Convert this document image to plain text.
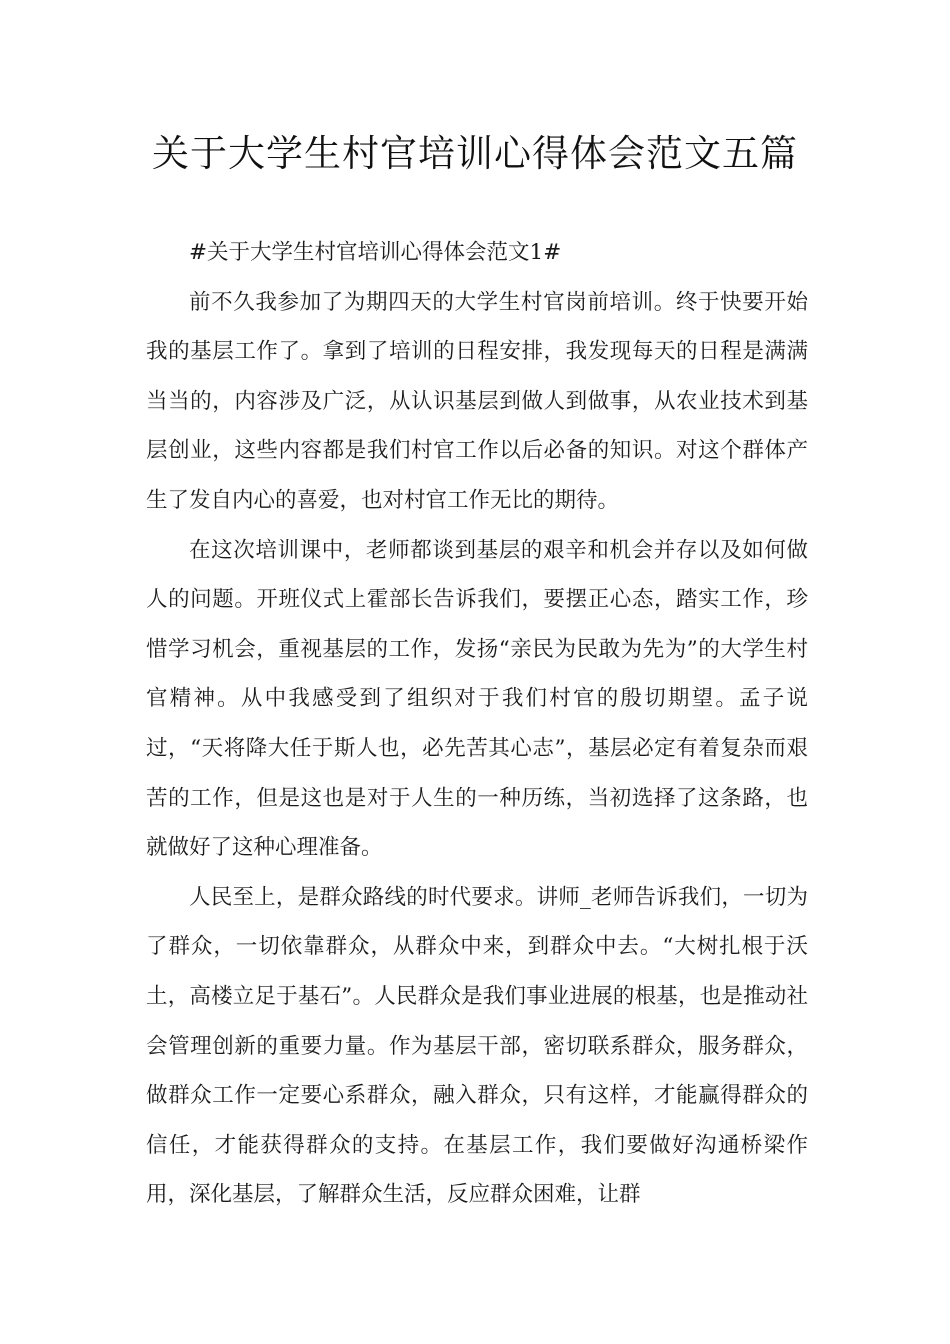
关于大学生村官培训心得体会范文五篇

#关于大学生村官培训心得体会范文1#

前不久我参加了为期四天的大学生村官岗前培训。终于快要开始我的基层工作了。拿到了培训的日程安排，我发现每天的日程是满满当当的，内容涉及广泛，从认识基层到做人到做事，从农业技术到基层创业，这些内容都是我们村官工作以后必备的知识。对这个群体产生了发自内心的喜爱，也对村官工作无比的期待。

在这次培训课中，老师都谈到基层的艰辛和机会并存以及如何做人的问题。开班仪式上霍部长告诉我们，要摆正心态，踏实工作，珍惜学习机会，重视基层的工作，发扬“亲民为民敢为先为”的大学生村官精神。从中我感受到了组织对于我们村官的殷切期望。孟子说过，“天将降大任于斯人也，必先苦其心志”，基层必定有着复杂而艰苦的工作，但是这也是对于人生的一种历练，当初选择了这条路，也就做好了这种心理准备。

人民至上，是群众路线的时代要求。讲师_老师告诉我们，一切为了群众，一切依靠群众，从群众中来，到群众中去。“大树扎根于沃土，高楼立足于基石”。人民群众是我们事业进展的根基，也是推动社会管理创新的重要力量。作为基层干部，密切联系群众，服务群众，做群众工作一定要心系群众，融入群众，只有这样，才能赢得群众的信任，才能获得群众的支持。在基层工作，我们要做好沟通桥梁作用，深化基层，了解群众生活，反应群众困难，让群
